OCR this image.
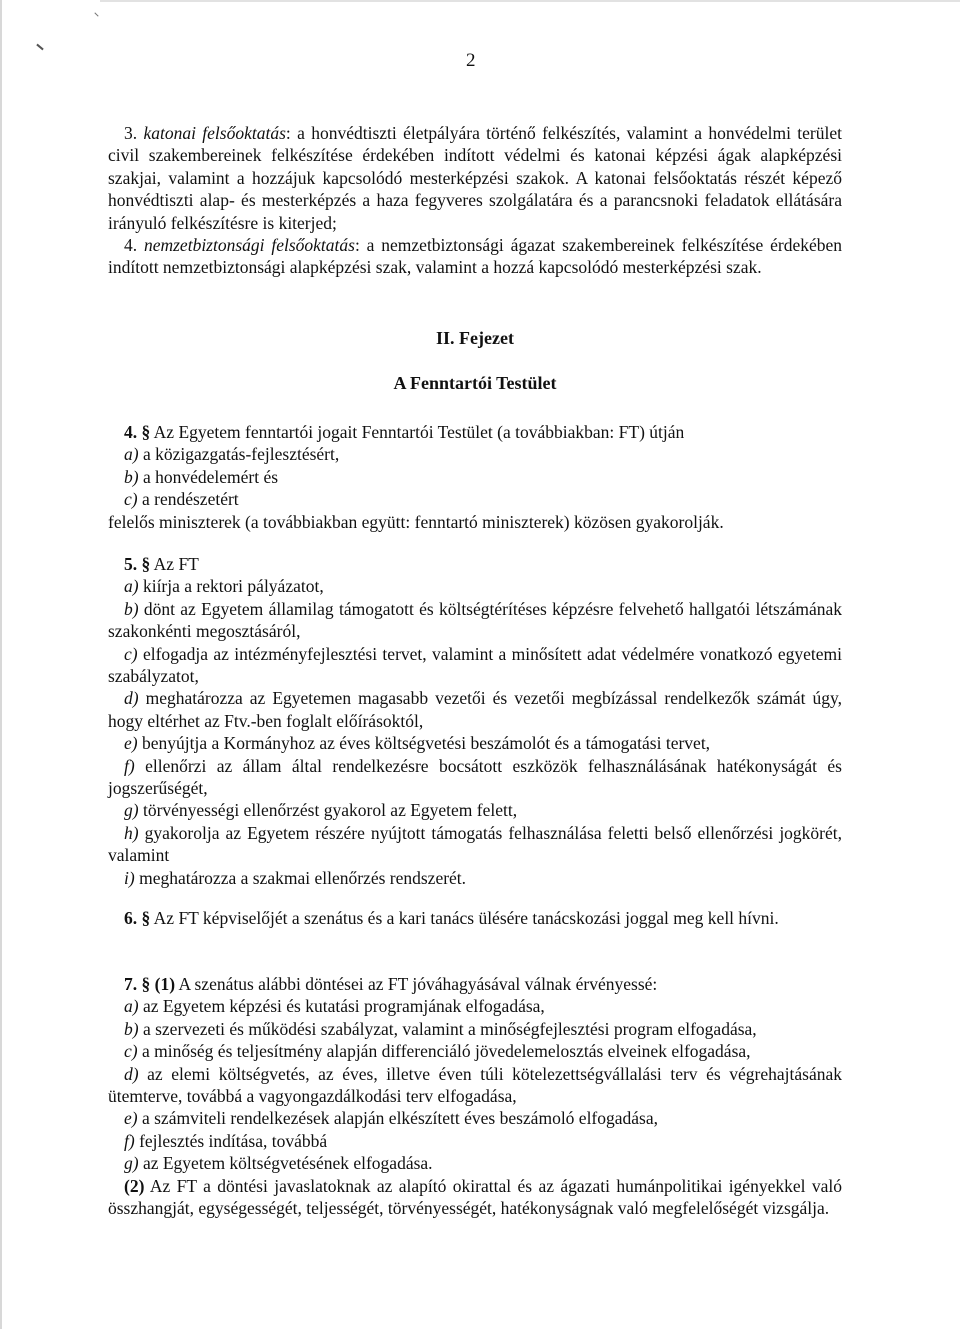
2

3. katonai felsőoktatás: a honvédtiszti életpályára történő felkészítés, valamint a honvédelmi terület civil szakembereinek felkészítése érdekében indított védelmi és katonai képzési ágak alapképzési szakjai, valamint a hozzájuk kapcsolódó mesterképzési szakok. A katonai felsőoktatás részét képező honvédtiszti alap- és mesterképzés a haza fegyveres szolgálatára és a parancsnoki feladatok ellátására irányuló felkészítésre is kiterjed;

4. nemzetbiztonsági felsőoktatás: a nemzetbiztonsági ágazat szakembereinek felkészítése érdekében indított nemzetbiztonsági alapképzési szak, valamint a hozzá kapcsolódó mesterképzési szak.

II. Fejezet
A Fenntartói Testület

4. § Az Egyetem fenntartói jogait Fenntartói Testület (a továbbiakban: FT) útján

a) a közigazgatás-fejlesztésért,

b) a honvédelemért és

c) a rendészetért

felelős miniszterek (a továbbiakban együtt: fenntartó miniszterek) közösen gyakorolják.

5. § Az FT

a) kiírja a rektori pályázatot,

b) dönt az Egyetem államilag támogatott és költségtérítéses képzésre felvehető hallgatói létszámának szakonkénti megosztásáról,

c) elfogadja az intézményfejlesztési tervet, valamint a minősített adat védelmére vonatkozó egyetemi szabályzatot,

d) meghatározza az Egyetemen magasabb vezetői és vezetői megbízással rendelkezők számát úgy, hogy eltérhet az Ftv.-ben foglalt előírásoktól,

e) benyújtja a Kormányhoz az éves költségvetési beszámolót és a támogatási tervet,

f) ellenőrzi az állam által rendelkezésre bocsátott eszközök felhasználásának hatékonyságát és jogszerűségét,

g) törvényességi ellenőrzést gyakorol az Egyetem felett,

h) gyakorolja az Egyetem részére nyújtott támogatás felhasználása feletti belső ellenőrzési jogkörét, valamint

i) meghatározza a szakmai ellenőrzés rendszerét.

6. § Az FT képviselőjét a szenátus és a kari tanács ülésére tanácskozási joggal meg kell hívni.

7. § (1) A szenátus alábbi döntései az FT jóváhagyásával válnak érvényessé:

a) az Egyetem képzési és kutatási programjának elfogadása,

b) a szervezeti és működési szabályzat, valamint a minőségfejlesztési program elfogadása,

c) a minőség és teljesítmény alapján differenciáló jövedelemelosztás elveinek elfogadása,

d) az elemi költségvetés, az éves, illetve éven túli kötelezettségvállalási terv és végrehajtásának ütemterve, továbbá a vagyongazdálkodási terv elfogadása,

e) a számviteli rendelkezések alapján elkészített éves beszámoló elfogadása,

f) fejlesztés indítása, továbbá

g) az Egyetem költségvetésének elfogadása.

(2) Az FT a döntési javaslatoknak az alapító okirattal és az ágazati humánpolitikai igényekkel való összhangját, egységességét, teljességét, törvényességét, hatékonyságnak való megfelelőségét vizsgálja.
